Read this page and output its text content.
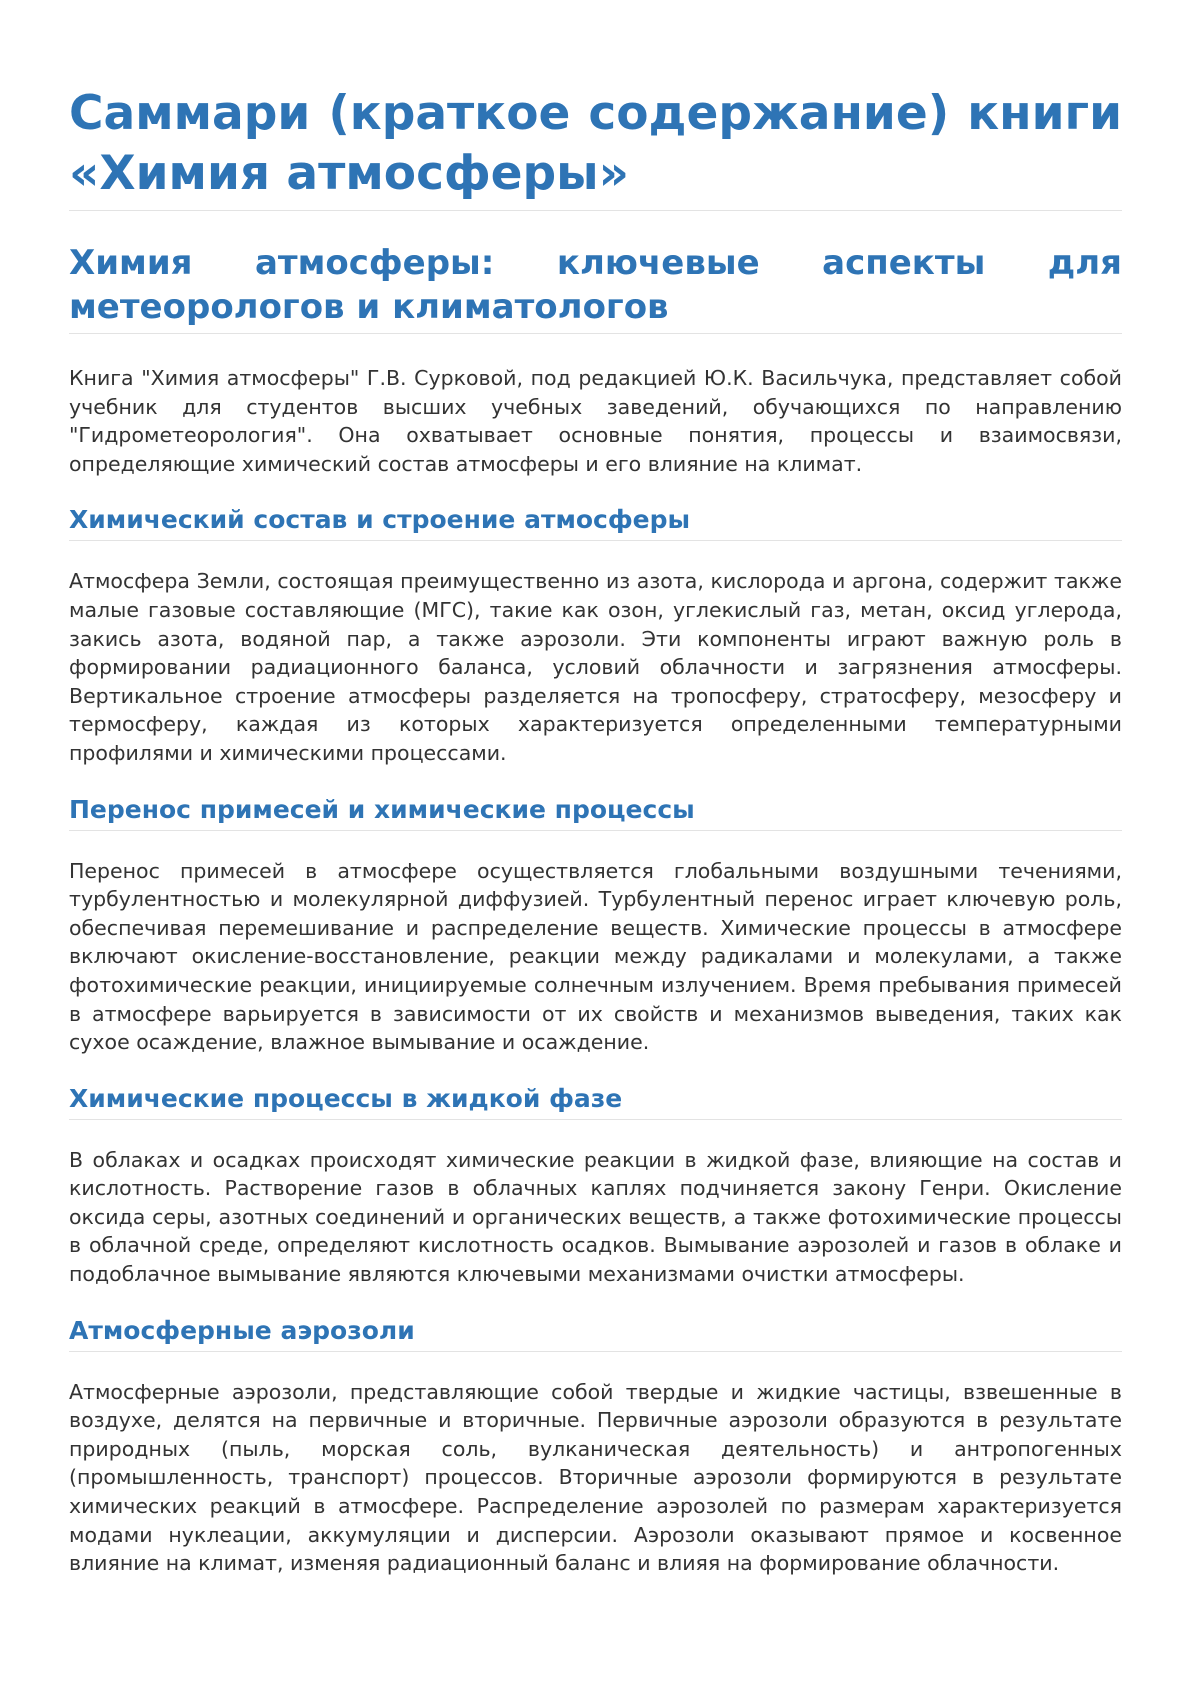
Саммари (краткое содержание) книги «Химия атмосферы»
Химия атмосферы: ключевые аспекты для метеорологов и климатологов

Книга "Химия атмосферы" Г.В. Сурковой, под редакцией Ю.К. Васильчука, представляет собой учебник для студентов высших учебных заведений, обучающихся по направлению "Гидрометеорология". Она охватывает основные понятия, процессы и взаимосвязи, определяющие химический состав атмосферы и его влияние на климат.

Химический состав и строение атмосферы

Атмосфера Земли, состоящая преимущественно из азота, кислорода и аргона, содержит также малые газовые составляющие (МГС), такие как озон, углекислый газ, метан, оксид углерода, закись азота, водяной пар, а также аэрозоли. Эти компоненты играют важную роль в формировании радиационного баланса, условий облачности и загрязнения атмосферы. Вертикальное строение атмосферы разделяется на тропосферу, стратосферу, мезосферу и термосферу, каждая из которых характеризуется определенными температурными профилями и химическими процессами.

Перенос примесей и химические процессы

Перенос примесей в атмосфере осуществляется глобальными воздушными течениями, турбулентностью и молекулярной диффузией. Турбулентный перенос играет ключевую роль, обеспечивая перемешивание и распределение веществ. Химические процессы в атмосфере включают окисление-восстановление, реакции между радикалами и молекулами, а также фотохимические реакции, инициируемые солнечным излучением. Время пребывания примесей в атмосфере варьируется в зависимости от их свойств и механизмов выведения, таких как сухое осаждение, влажное вымывание и осаждение.

Химические процессы в жидкой фазе

В облаках и осадках происходят химические реакции в жидкой фазе, влияющие на состав и кислотность. Растворение газов в облачных каплях подчиняется закону Генри. Окисление оксида серы, азотных соединений и органических веществ, а также фотохимические процессы в облачной среде, определяют кислотность осадков. Вымывание аэрозолей и газов в облаке и подоблачное вымывание являются ключевыми механизмами очистки атмосферы.

Атмосферные аэрозоли

Атмосферные аэрозоли, представляющие собой твердые и жидкие частицы, взвешенные в воздухе, делятся на первичные и вторичные. Первичные аэрозоли образуются в результате природных (пыль, морская соль, вулканическая деятельность) и антропогенных (промышленность, транспорт) процессов. Вторичные аэрозоли формируются в результате химических реакций в атмосфере. Распределение аэрозолей по размерам характеризуется модами нуклеации, аккумуляции и дисперсии. Аэрозоли оказывают прямое и косвенное влияние на климат, изменяя радиационный баланс и влияя на формирование облачности.
